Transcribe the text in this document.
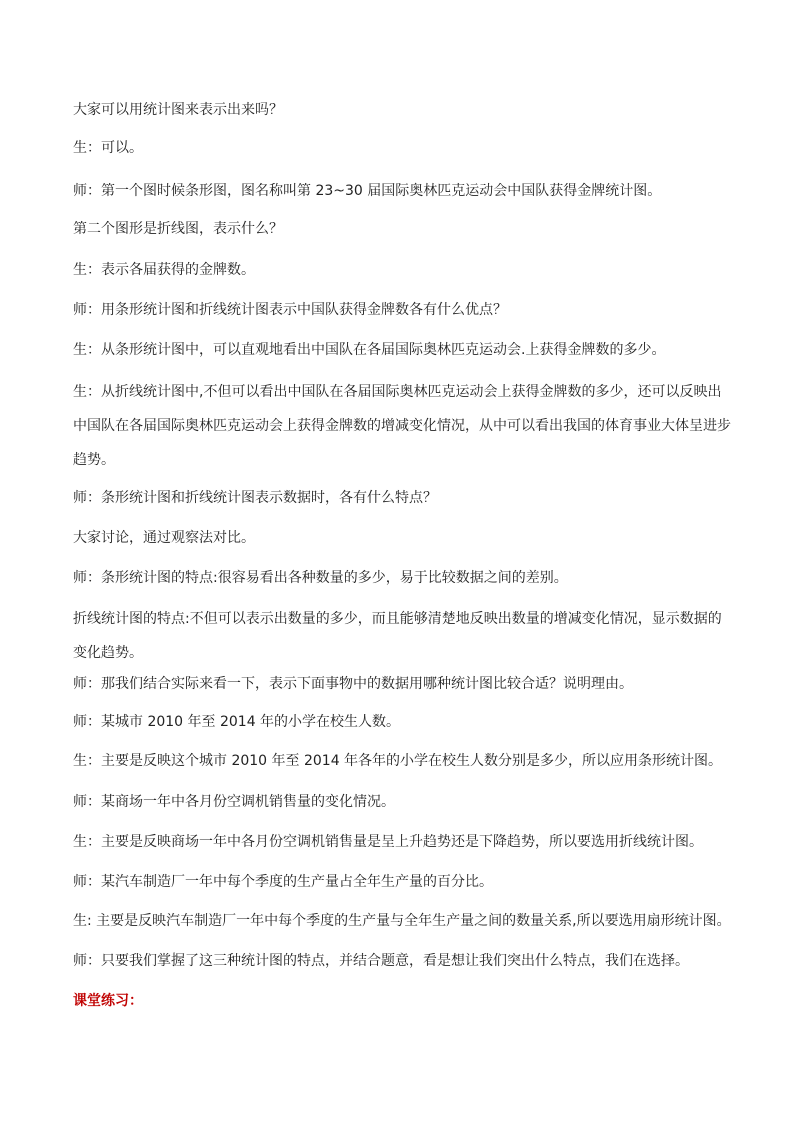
大家可以用统计图来表示出来吗？

生：可以。

师：第一个图时候条形图，图名称叫第 23~30 届国际奥林匹克运动会中国队获得金牌统计图。

第二个图形是折线图，表示什么？

生：表示各届获得的金牌数。

师：用条形统计图和折线统计图表示中国队获得金牌数各有什么优点？

生：从条形统计图中，可以直观地看出中国队在各届国际奥林匹克运动会.上获得金牌数的多少。

生：从折线统计图中,不但可以看出中国队在各届国际奥林匹克运动会上获得金牌数的多少，还可以反映出中国队在各届国际奥林匹克运动会上获得金牌数的增减变化情况，从中可以看出我国的体育事业大体呈进步趋势。

师：条形统计图和折线统计图表示数据时，各有什么特点？

大家讨论，通过观察法对比。

师：条形统计图的特点:很容易看出各种数量的多少，易于比较数据之间的差别。

折线统计图的特点:不但可以表示出数量的多少，而且能够清楚地反映出数量的增减变化情况，显示数据的变化趋势。

师：那我们结合实际来看一下，表示下面事物中的数据用哪种统计图比较合适？说明理由。

师：某城市 2010 年至 2014 年的小学在校生人数。

生：主要是反映这个城市 2010 年至 2014 年各年的小学在校生人数分别是多少，所以应用条形统计图。

师：某商场一年中各月份空调机销售量的变化情况。

生：主要是反映商场一年中各月份空调机销售量是呈上升趋势还是下降趋势，所以要选用折线统计图。

师：某汽车制造厂一年中每个季度的生产量占全年生产量的百分比。

生: 主要是反映汽车制造厂一年中每个季度的生产量与全年生产量之间的数量关系,所以要选用扇形统计图。

师：只要我们掌握了这三种统计图的特点，并结合题意，看是想让我们突出什么特点，我们在选择。

课堂练习：
